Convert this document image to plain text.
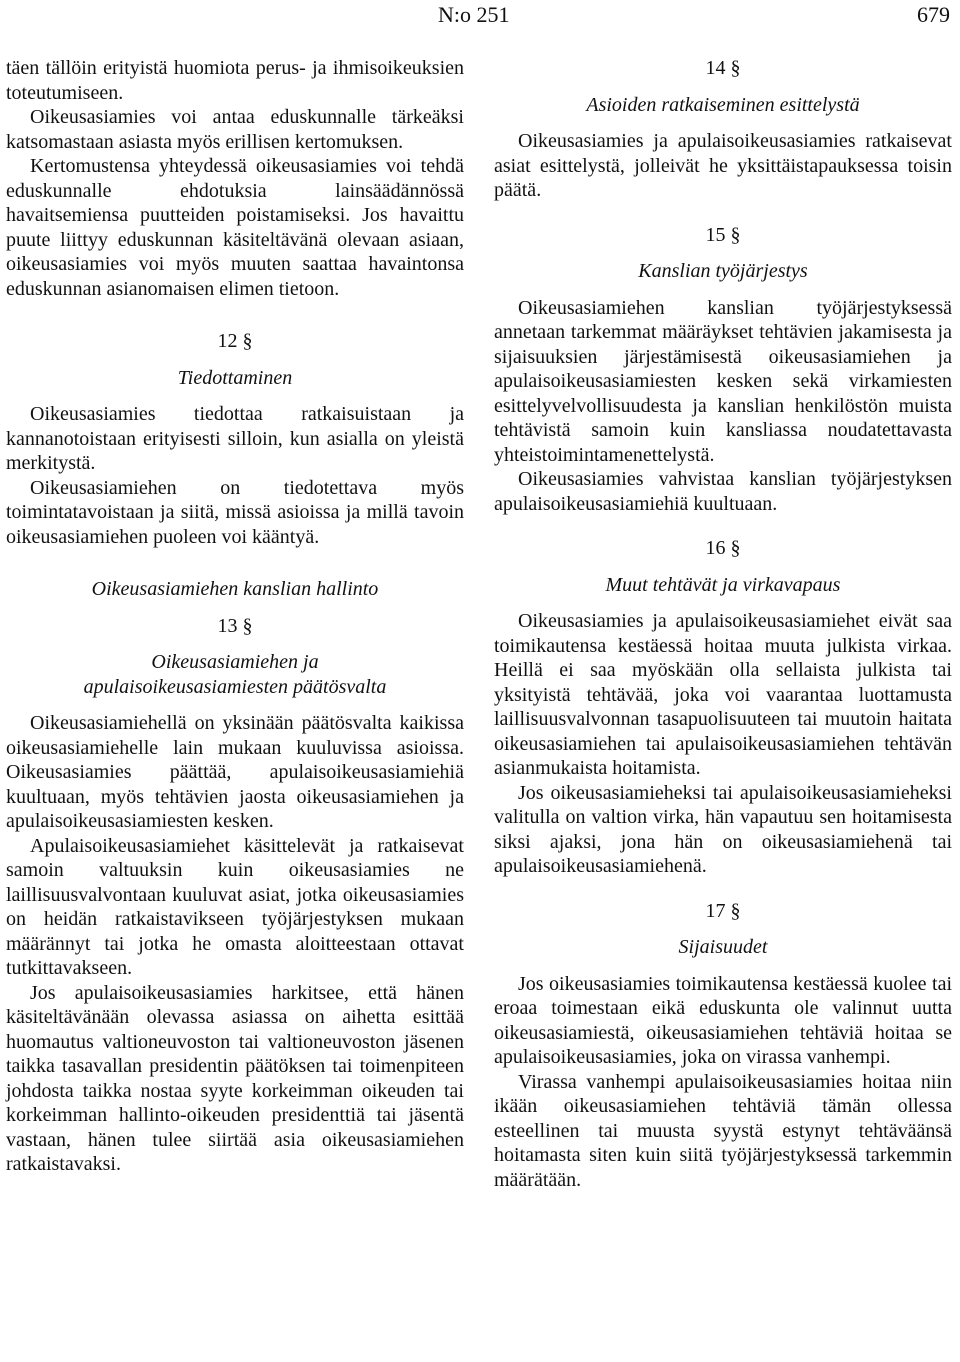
N:o 251	679

täen tällöin erityistä huomiota perus- ja ihmisoikeuksien toteutumiseen.

Oikeusasiamies voi antaa eduskunnalle tärkeäksi katsomastaan asiasta myös erillisen kertomuksen.

Kertomustensa yhteydessä oikeusasiamies voi tehdä eduskunnalle ehdotuksia lainsäädännössä havaitsemiensa puutteiden poistamiseksi. Jos havaittu puute liittyy eduskunnan käsiteltävänä olevaan asiaan, oikeusasiamies voi myös muuten saattaa havaintonsa eduskunnan asianomaisen elimen tietoon.

12 §
Tiedottaminen

Oikeusasiamies tiedottaa ratkaisuistaan ja kannanotoistaan erityisesti silloin, kun asialla on yleistä merkitystä.

Oikeusasiamiehen on tiedotettava myös toimintatavoistaan ja siitä, missä asioissa ja millä tavoin oikeusasiamiehen puoleen voi kääntyä.

Oikeusasiamiehen kanslian hallinto
13 §
Oikeusasiamiehen ja apulaisoikeusasiamiesten päätösvalta

Oikeusasiamiehellä on yksinään päätösvalta kaikissa oikeusasiamiehelle lain mukaan kuuluvissa asioissa. Oikeusasiamies päättää, apulaisoikeusasiamiehiä kuultuaan, myös tehtävien jaosta oikeusasiamiehen ja apulaisoikeusasiamiesten kesken.

Apulaisoikeusasiamiehet käsittelevät ja ratkaisevat samoin valtuuksin kuin oikeusasiamies ne laillisuusvalvontaan kuuluvat asiat, jotka oikeusasiamies on heidän ratkaistavikseen työjärjestyksen mukaan määrännyt tai jotka he omasta aloitteestaan ottavat tutkittavakseen.

Jos apulaisoikeusasiamies harkitsee, että hänen käsiteltävänään olevassa asiassa on aihetta esittää huomautus valtioneuvoston tai valtioneuvoston jäsenen taikka tasavallan presidentin päätöksen tai toimenpiteen johdosta taikka nostaa syyte korkeimman oikeuden tai korkeimman hallinto-oikeuden presidenttiä tai jäsentä vastaan, hänen tulee siirtää asia oikeusasiamiehen ratkaistavaksi.

14 §
Asioiden ratkaiseminen esittelystä

Oikeusasiamies ja apulaisoikeusasiamies ratkaisevat asiat esittelystä, jolleivät he yksittäistapauksessa toisin päätä.

15 §
Kanslian työjärjestys

Oikeusasiamiehen kanslian työjärjestyksessä annetaan tarkemmat määräykset tehtävien jakamisesta ja sijaisuuksien järjestämisestä oikeusasiamiehen ja apulaisoikeusasiamiesten kesken sekä virkamiesten esittelyvelvollisuudesta ja kanslian henkilöstön muista tehtävistä samoin kuin kansliassa noudatettavasta yhteistoimintamenettelystä.

Oikeusasiamies vahvistaa kanslian työjärjestyksen apulaisoikeusasiamiehiä kuultuaan.

16 §
Muut tehtävät ja virkavapaus

Oikeusasiamies ja apulaisoikeusasiamiehet eivät saa toimikautensa kestäessä hoitaa muuta julkista virkaa. Heillä ei saa myöskään olla sellaista julkista tai yksityistä tehtävää, joka voi vaarantaa luottamusta laillisuusvalvonnan tasapuolisuuteen tai muutoin haitata oikeusasiamiehen tai apulaisoikeusasiamiehen tehtävän asianmukaista hoitamista.

Jos oikeusasiamieheksi tai apulaisoikeusasiamieheksi valitulla on valtion virka, hän vapautuu sen hoitamisesta siksi ajaksi, jona hän on oikeusasiamiehenä tai apulaisoikeusasiamiehenä.

17 §
Sijaisuudet

Jos oikeusasiamies toimikautensa kestäessä kuolee tai eroaa toimestaan eikä eduskunta ole valinnut uutta oikeusasiamiestä, oikeusasiamiehen tehtäviä hoitaa se apulaisoikeusasiamies, joka on virassa vanhempi.

Virassa vanhempi apulaisoikeusasiamies hoitaa niin ikään oikeusasiamiehen tehtäviä tämän ollessa esteellinen tai muusta syystä estynyt tehtäväänsä hoitamasta siten kuin siitä työjärjestyksessä tarkemmin määrätään.
